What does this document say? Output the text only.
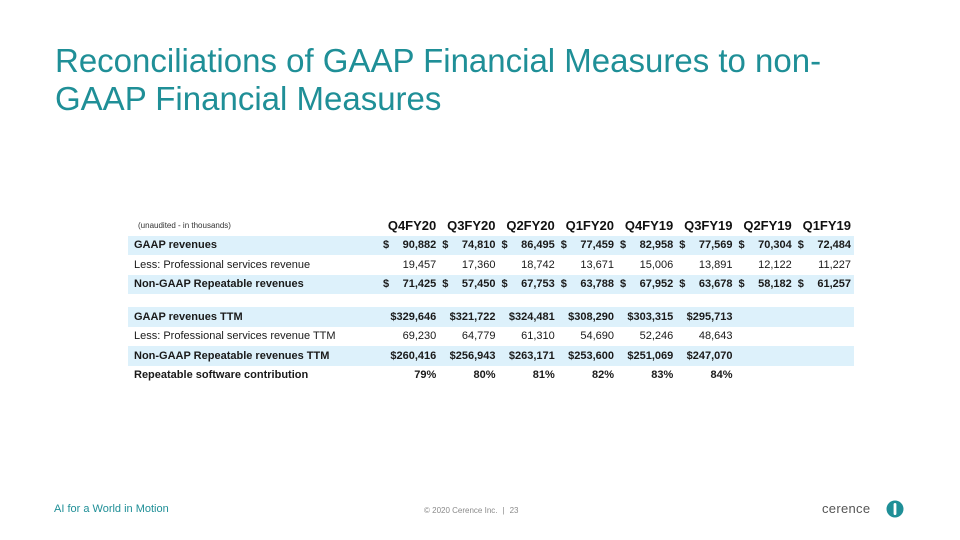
Reconciliations of GAAP Financial Measures to non-GAAP Financial Measures
(unaudited - in thousands)	Q4FY20	Q3FY20	Q2FY20	Q1FY20	Q4FY19	Q3FY19	Q2FY19	Q1FY19
GAAP revenues	$ 90,882	$ 74,810	$ 86,495	$ 77,459	$ 82,958	$ 77,569	$ 70,304	$ 72,484
Less: Professional services revenue	19,457	17,360	18,742	13,671	15,006	13,891	12,122	11,227
Non-GAAP Repeatable revenues	$ 71,425	$ 57,450	$ 67,753	$ 63,788	$ 67,952	$ 63,678	$ 58,182	$ 61,257

GAAP revenues TTM	$329,646	$321,722	$324,481	$308,290	$303,315	$295,713		
Less: Professional services revenue TTM	69,230	64,779	61,310	54,690	52,246	48,643		
Non-GAAP Repeatable revenues TTM	$260,416	$256,943	$263,171	$253,600	$251,069	$247,070		
Repeatable software contribution	79%	80%	81%	82%	83%	84%		
AI for a World in Motion	© 2020 Cerence Inc. | 23	cerence
